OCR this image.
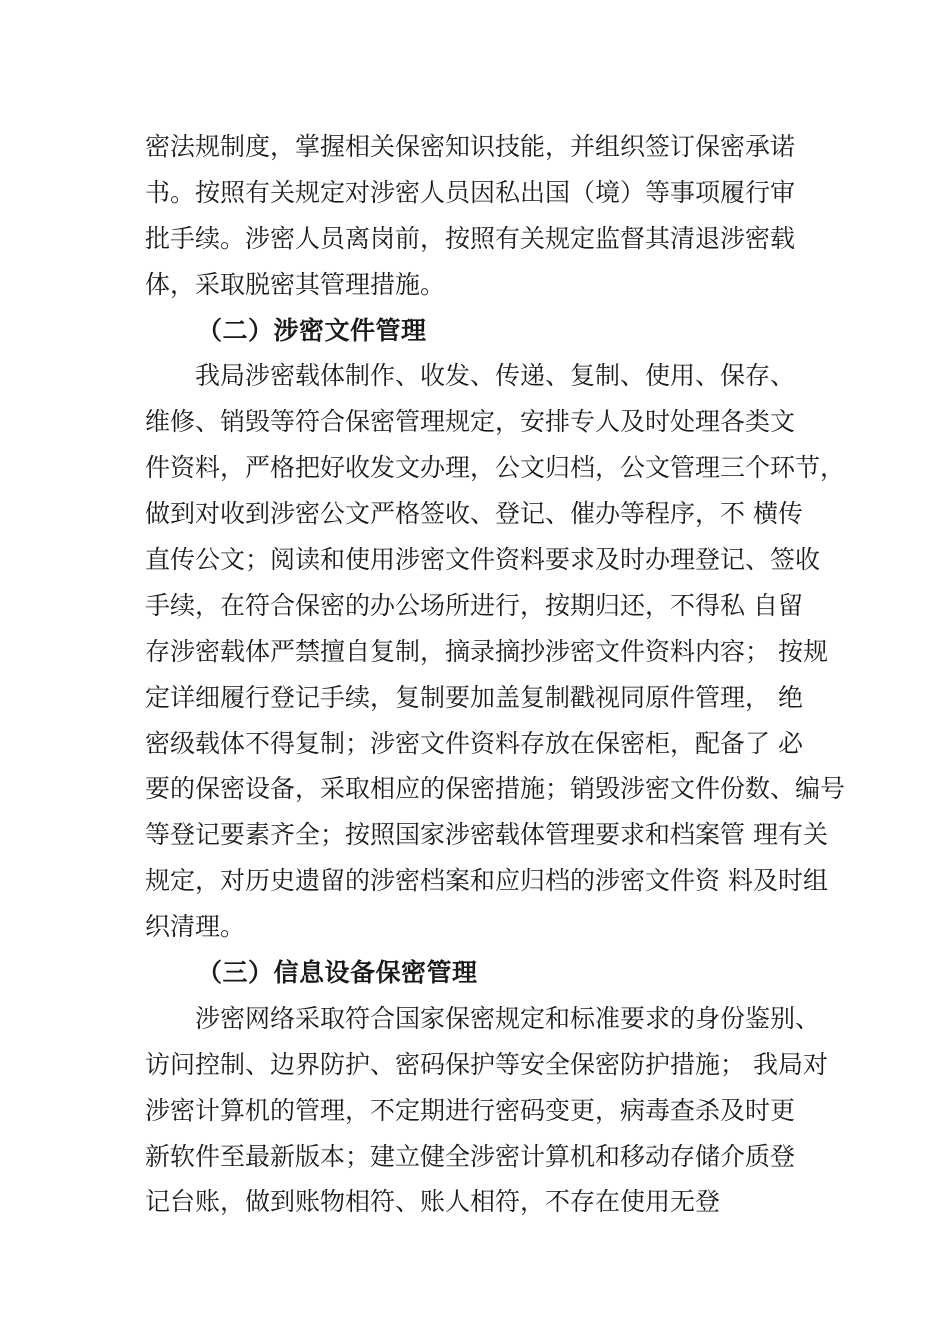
密法规制度，掌握相关保密知识技能，并组织签订保密承诺
书。按照有关规定对涉密人员因私出国（境）等事项履行审
批手续。涉密人员离岗前，按照有关规定监督其清退涉密载
体，采取脱密其管理措施。
（二）涉密文件管理
我局涉密载体制作、收发、传递、复制、使用、保存、
维修、销毁等符合保密管理规定，安排专人及时处理各类文
件资料，严格把好收发文办理，公文归档，公文管理三个环节，
做到对收到涉密公文严格签收、登记、催办等程序，不 横传
直传公文；阅读和使用涉密文件资料要求及时办理登记、签收
手续，在符合保密的办公场所进行，按期归还，不得私 自留
存涉密载体严禁擅自复制，摘录摘抄涉密文件资料内容； 按规
定详细履行登记手续，复制要加盖复制戳视同原件管理， 绝
密级载体不得复制；涉密文件资料存放在保密柜，配备了 必
要的保密设备，采取相应的保密措施；销毁涉密文件份数、编号
等登记要素齐全；按照国家涉密载体管理要求和档案管 理有关
规定，对历史遗留的涉密档案和应归档的涉密文件资 料及时组
织清理。
（三）信息设备保密管理
涉密网络采取符合国家保密规定和标准要求的身份鉴别、
访问控制、边界防护、密码保护等安全保密防护措施； 我局对
涉密计算机的管理，不定期进行密码变更，病毒查杀及时更
新软件至最新版本；建立健全涉密计算机和移动存储介质登
记台账，做到账物相符、账人相符，不存在使用无登
